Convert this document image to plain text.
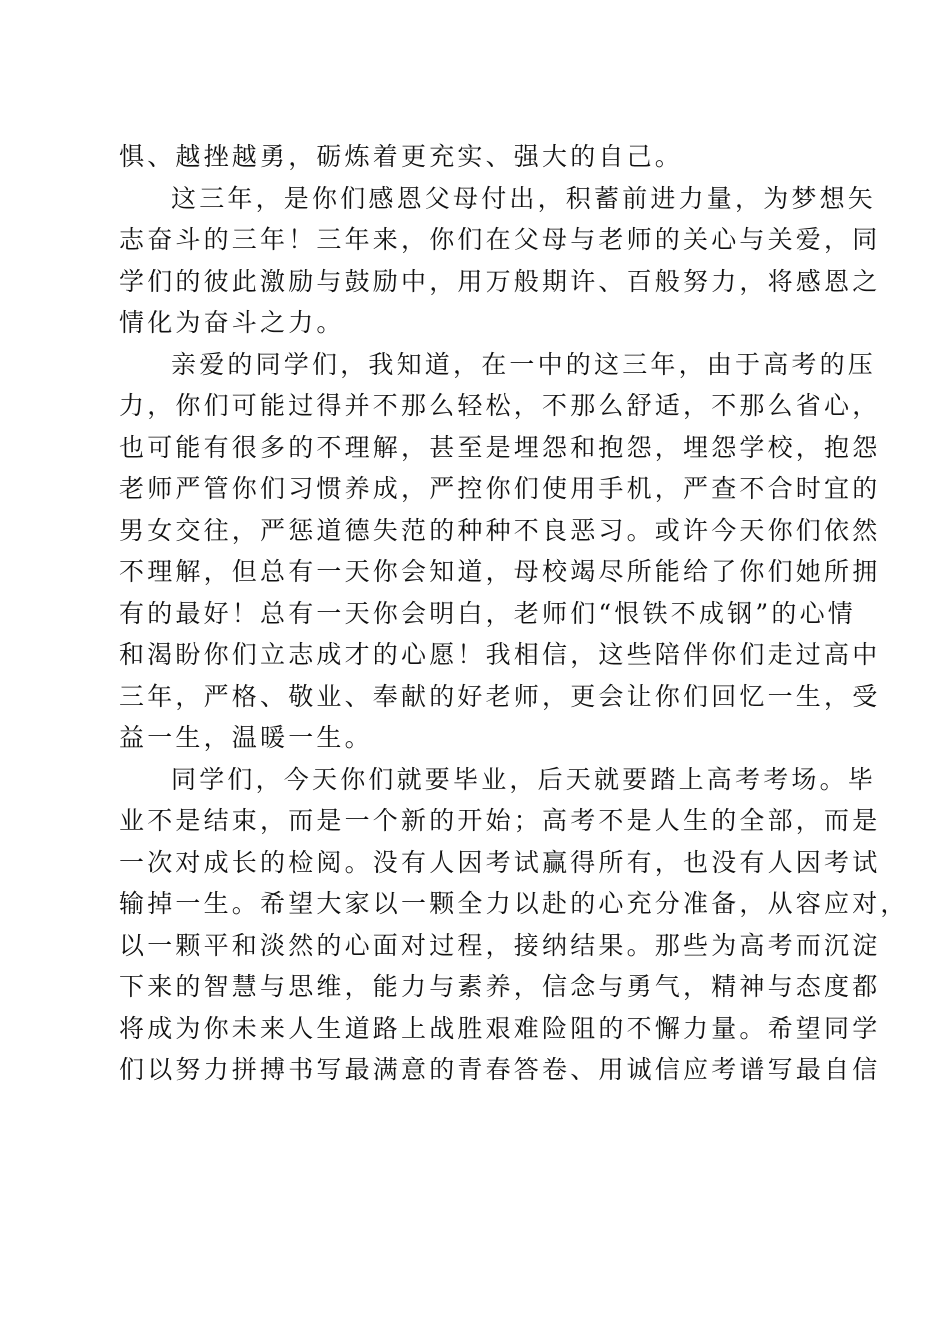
惧、越挫越勇，砺炼着更充实、强大的自己。
这三年，是你们感恩父母付出，积蓄前进力量，为梦想矢
志奋斗的三年！三年来，你们在父母与老师的关心与关爱，同
学们的彼此激励与鼓励中，用万般期许、百般努力，将感恩之
情化为奋斗之力。
亲爱的同学们，我知道，在一中的这三年，由于高考的压
力，你们可能过得并不那么轻松，不那么舒适，不那么省心，
也可能有很多的不理解，甚至是埋怨和抱怨，埋怨学校，抱怨
老师严管你们习惯养成，严控你们使用手机，严查不合时宜的
男女交往，严惩道德失范的种种不良恶习。或许今天你们依然
不理解，但总有一天你会知道，母校竭尽所能给了你们她所拥
有的最好！总有一天你会明白，老师们“恨铁不成钢”的心情
和渴盼你们立志成才的心愿！我相信，这些陪伴你们走过高中
三年，严格、敬业、奉献的好老师，更会让你们回忆一生，受
益一生，温暖一生。
同学们，今天你们就要毕业，后天就要踏上高考考场。毕
业不是结束，而是一个新的开始；高考不是人生的全部，而是
一次对成长的检阅。没有人因考试赢得所有，也没有人因考试
输掉一生。希望大家以一颗全力以赴的心充分准备，从容应对，
以一颗平和淡然的心面对过程，接纳结果。那些为高考而沉淀
下来的智慧与思维，能力与素养，信念与勇气，精神与态度都
将成为你未来人生道路上战胜艰难险阻的不懈力量。希望同学
们以努力拼搏书写最满意的青春答卷、用诚信应考谱写最自信
